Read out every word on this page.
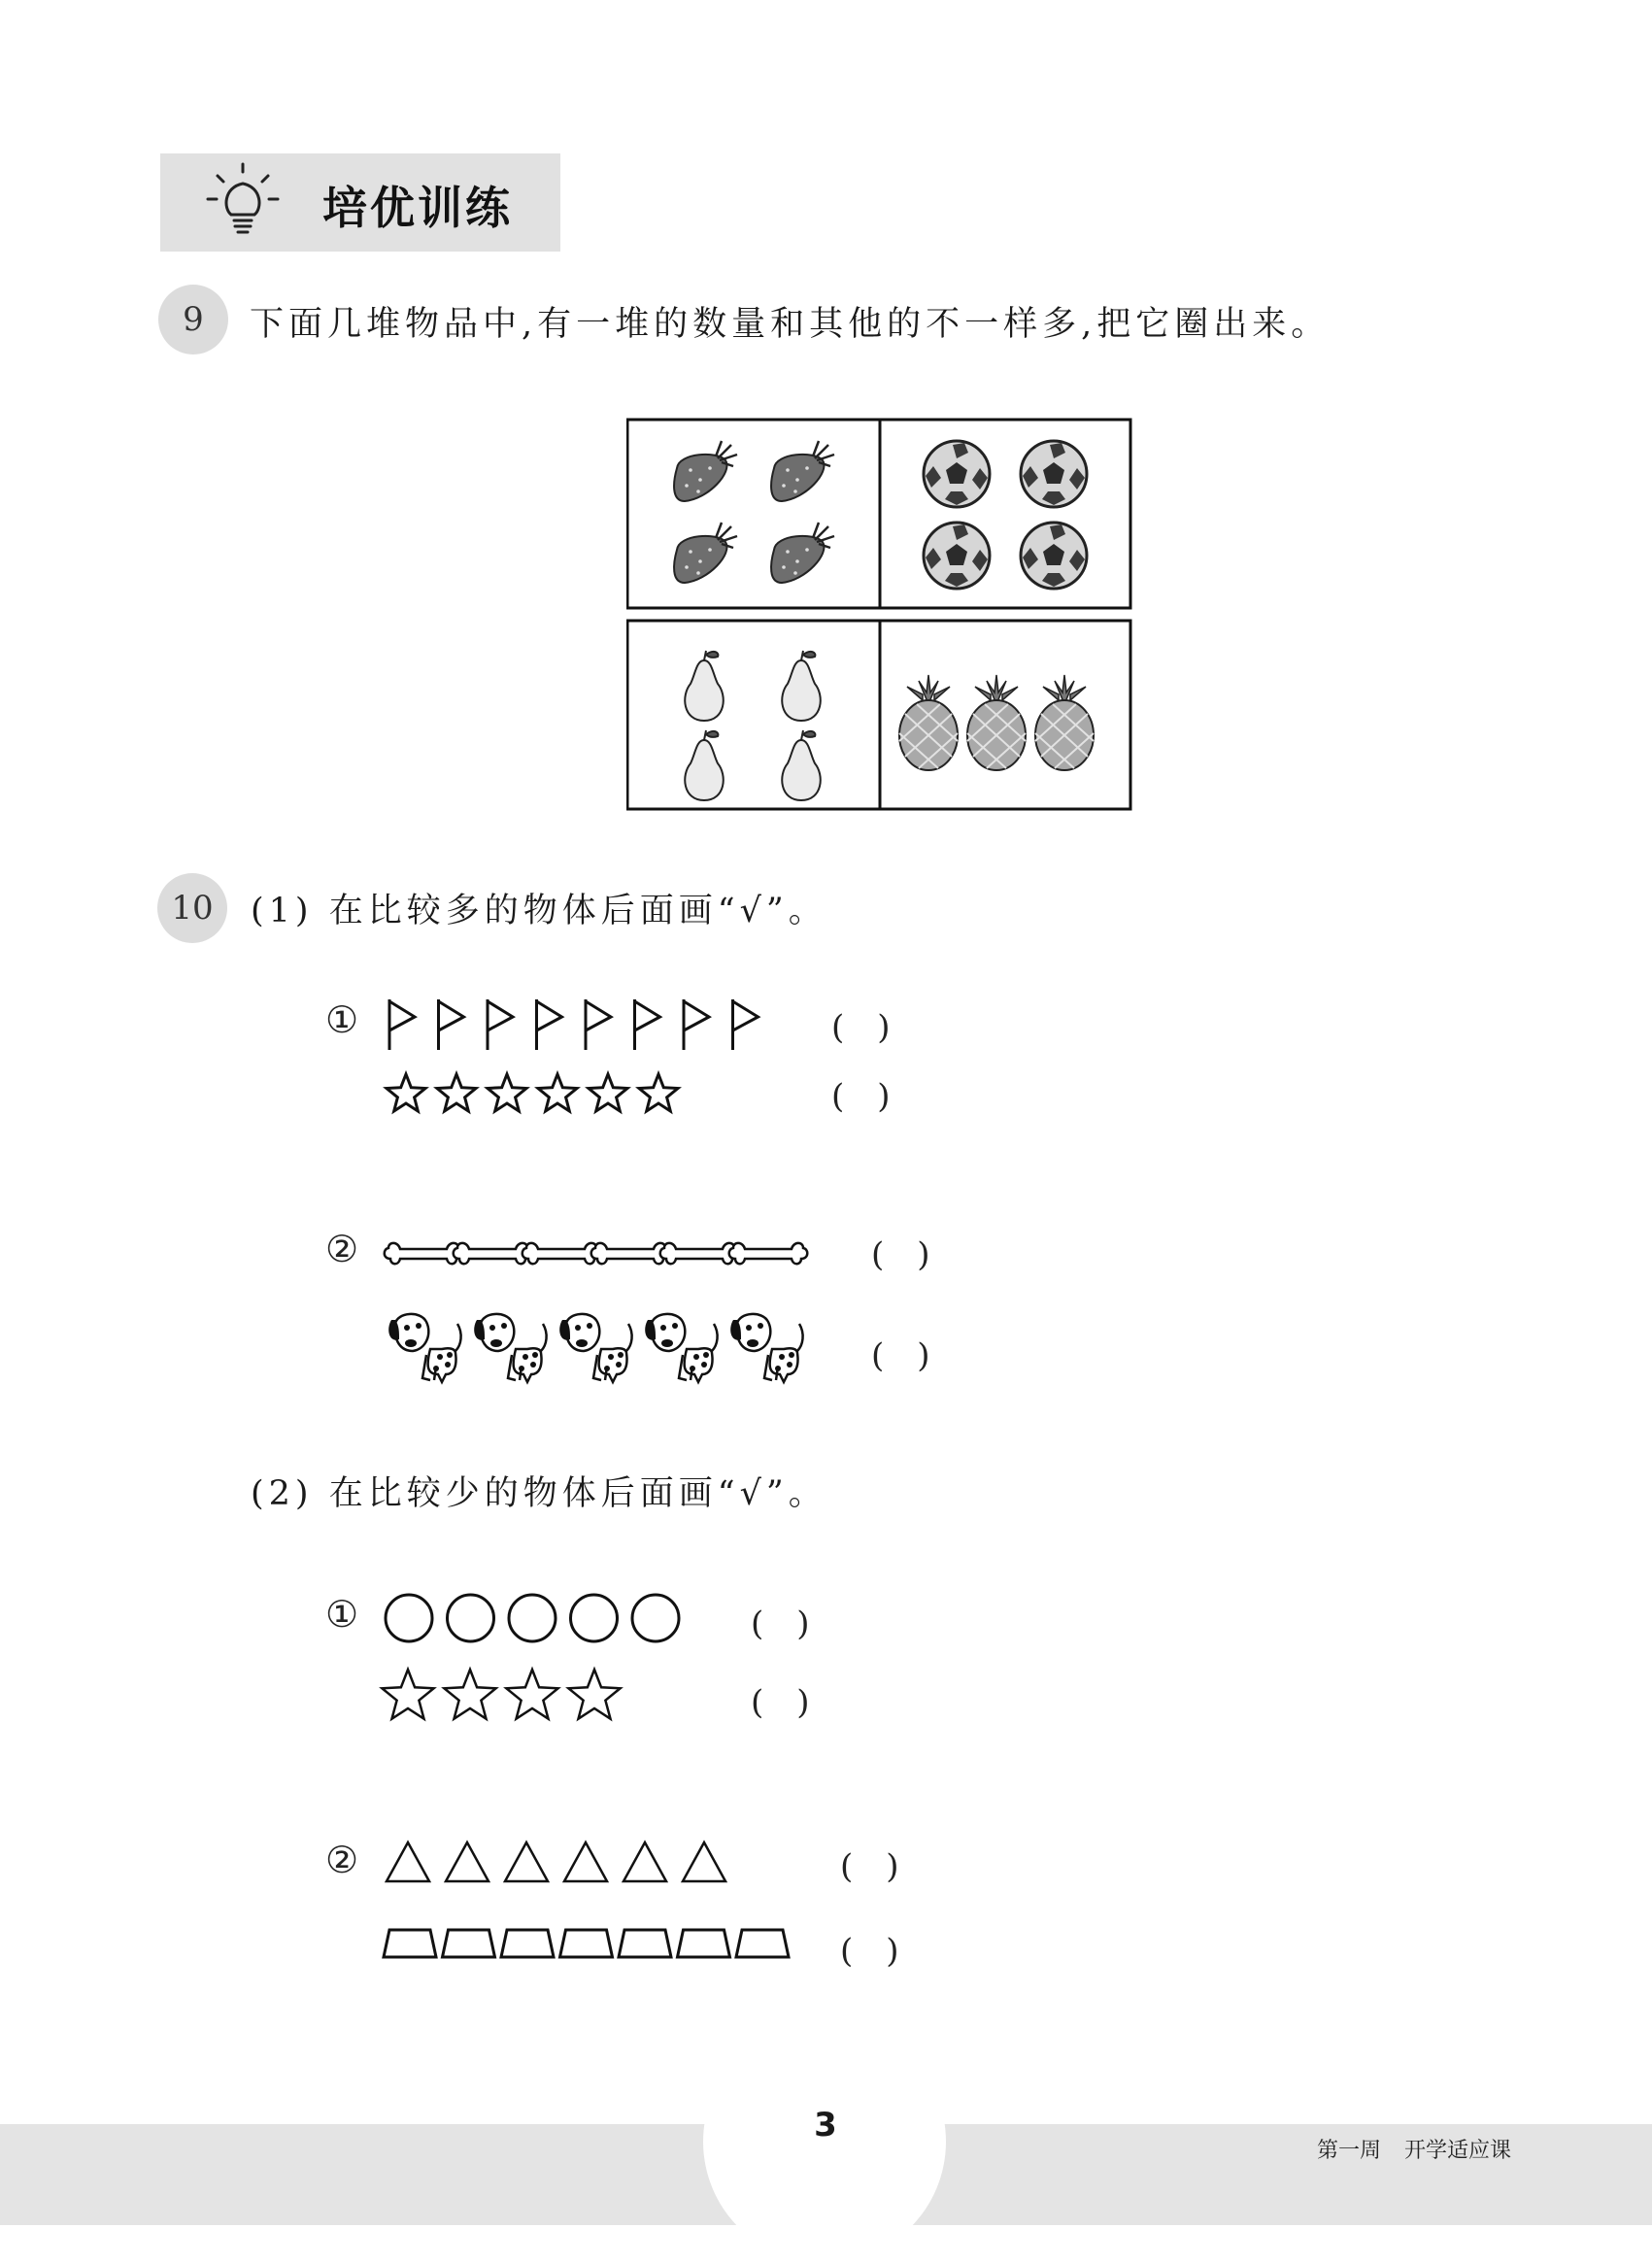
培优训练
9	下面几堆物品中,有一堆的数量和其他的不一样多,把它圈出来。
10	(1) 在比较多的物体后面画“√”。
①	(　)
(　)
②	(　)
(　)
(2) 在比较少的物体后面画“√”。
①	(　)
(　)
②	(　)
(　)
3
第一周 开学适应课
